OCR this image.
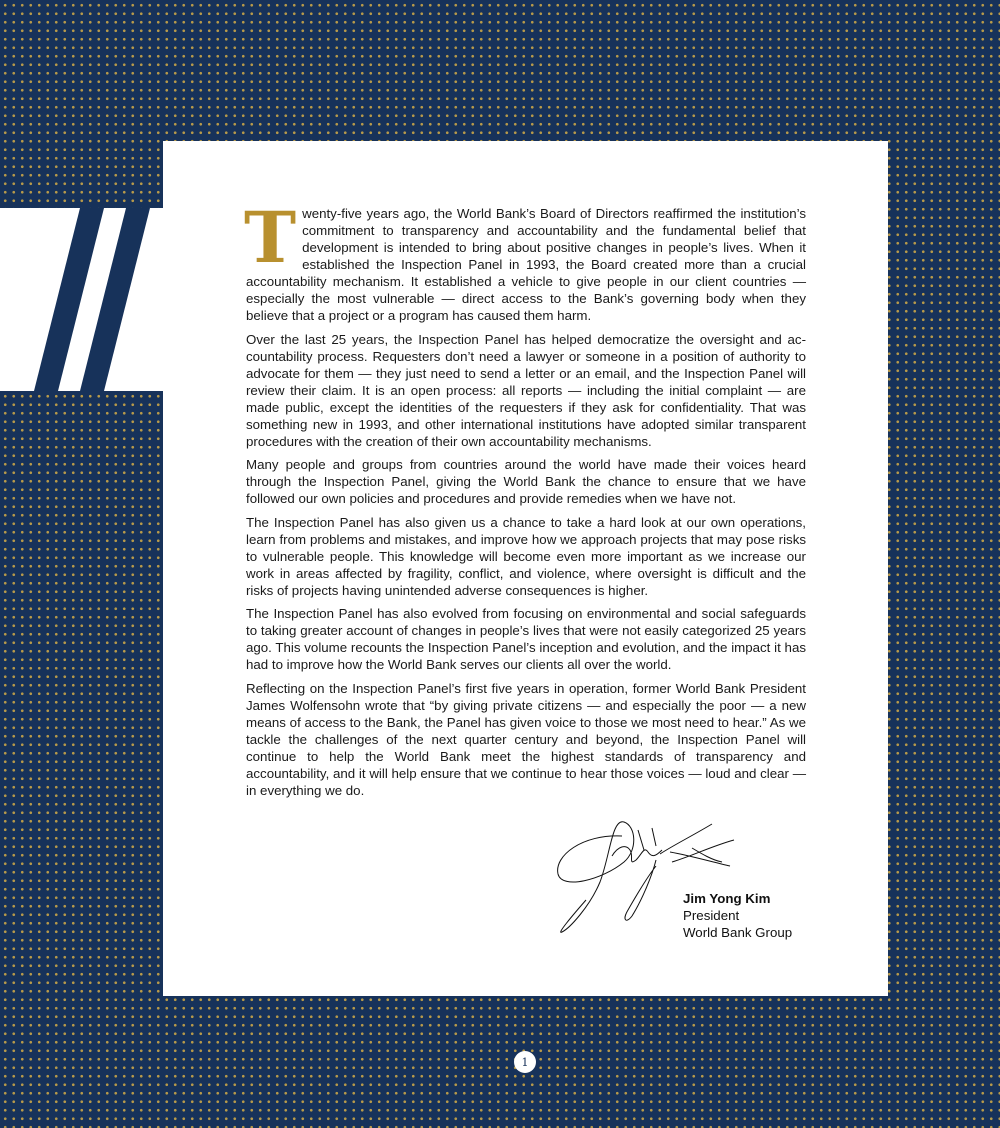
Twenty-five years ago, the World Bank’s Board of Directors reaffirmed the institution’s commitment to transparency and accountability and the fundamental belief that development is intended to bring about positive changes in people’s lives. When it established the Inspection Panel in 1993, the Board created more than a crucial accountability mechanism. It established a vehicle to give people in our client countries — especially the most vulnerable — direct access to the Bank’s governing body when they believe that a project or a program has caused them harm.

Over the last 25 years, the Inspection Panel has helped democratize the oversight and accountability process. Requesters don’t need a lawyer or someone in a position of authority to advocate for them — they just need to send a letter or an email, and the Inspection Panel will review their claim. It is an open process: all reports — including the initial complaint — are made public, except the identities of the requesters if they ask for confidentiality. That was something new in 1993, and other international institutions have adopted similar transparent procedures with the creation of their own accountability mechanisms.

Many people and groups from countries around the world have made their voices heard through the Inspection Panel, giving the World Bank the chance to ensure that we have followed our own policies and procedures and provide remedies when we have not.

The Inspection Panel has also given us a chance to take a hard look at our own operations, learn from problems and mistakes, and improve how we approach projects that may pose risks to vulnerable people. This knowledge will become even more important as we increase our work in areas affected by fragility, conflict, and violence, where oversight is difficult and the risks of projects having unintended adverse consequences is higher.

The Inspection Panel has also evolved from focusing on environmental and social safeguards to taking greater account of changes in people’s lives that were not easily categorized 25 years ago. This volume recounts the Inspection Panel’s inception and evolution, and the impact it has had to improve how the World Bank serves our clients all over the world.

Reflecting on the Inspection Panel’s first five years in operation, former World Bank President James Wolfensohn wrote that “by giving private citizens — and especially the poor — a new means of access to the Bank, the Panel has given voice to those we most need to hear.” As we tackle the challenges of the next quarter century and beyond, the Inspection Panel will continue to help the World Bank meet the highest standards of transparency and accountability, and it will help ensure that we continue to hear those voices — loud and clear — in everything we do.

Jim Yong Kim
President
World Bank Group
1
